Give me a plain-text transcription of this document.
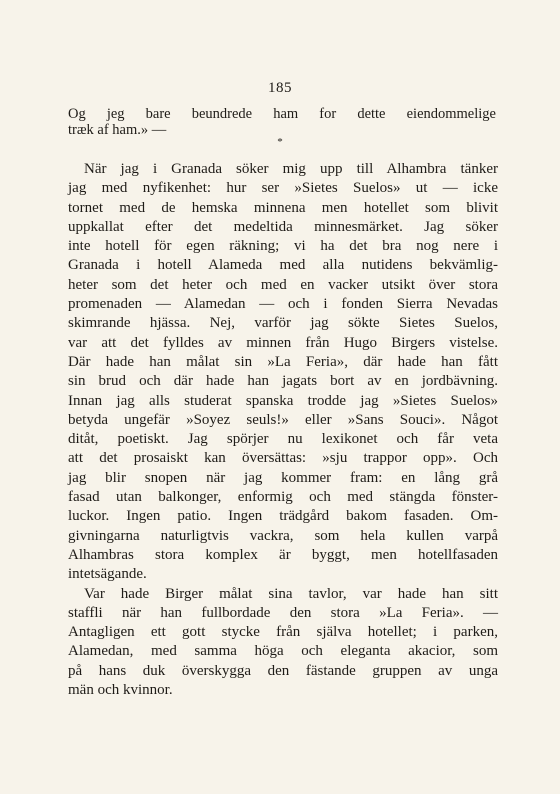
185
Og jeg bare beundrede ham for dette eiendommelige
træk af ham.» —
*

När jag i Granada söker mig upp till Alhambra tänker
jag med nyfikenhet: hur ser »Sietes Suelos» ut — icke
tornet med de hemska minnena men hotellet som blivit
uppkallat efter det medeltida minnesmärket. Jag söker
inte hotell för egen räkning; vi ha det bra nog nere i
Granada i hotell Alameda med alla nutidens bekvämlig-
heter som det heter och med en vacker utsikt över stora
promenaden — Alamedan — och i fonden Sierra Nevadas
skimrande hjässa. Nej, varför jag sökte Sietes Suelos,
var att det fylldes av minnen från Hugo Birgers vistelse.
Där hade han målat sin »La Feria», där hade han fått
sin brud och där hade han jagats bort av en jordbävning.
Innan jag alls studerat spanska trodde jag »Sietes Suelos»
betyda ungefär »Soyez seuls!» eller »Sans Souci». Något
ditåt, poetiskt. Jag spörjer nu lexikonet och får veta
att det prosaiskt kan översättas: »sju trappor opp». Och
jag blir snopen när jag kommer fram: en lång grå
fasad utan balkonger, enformig och med stängda fönster-
luckor. Ingen patio. Ingen trädgård bakom fasaden. Om-
givningarna naturligtvis vackra, som hela kullen varpå
Alhambras stora komplex är byggt, men hotellfasaden
intetsägande.

Var hade Birger målat sina tavlor, var hade han sitt
staffli när han fullbordade den stora »La Feria». —
Antagligen ett gott stycke från själva hotellet; i parken,
Alamedan, med samma höga och eleganta akacior, som
på hans duk överskygga den fästande gruppen av unga
män och kvinnor.
